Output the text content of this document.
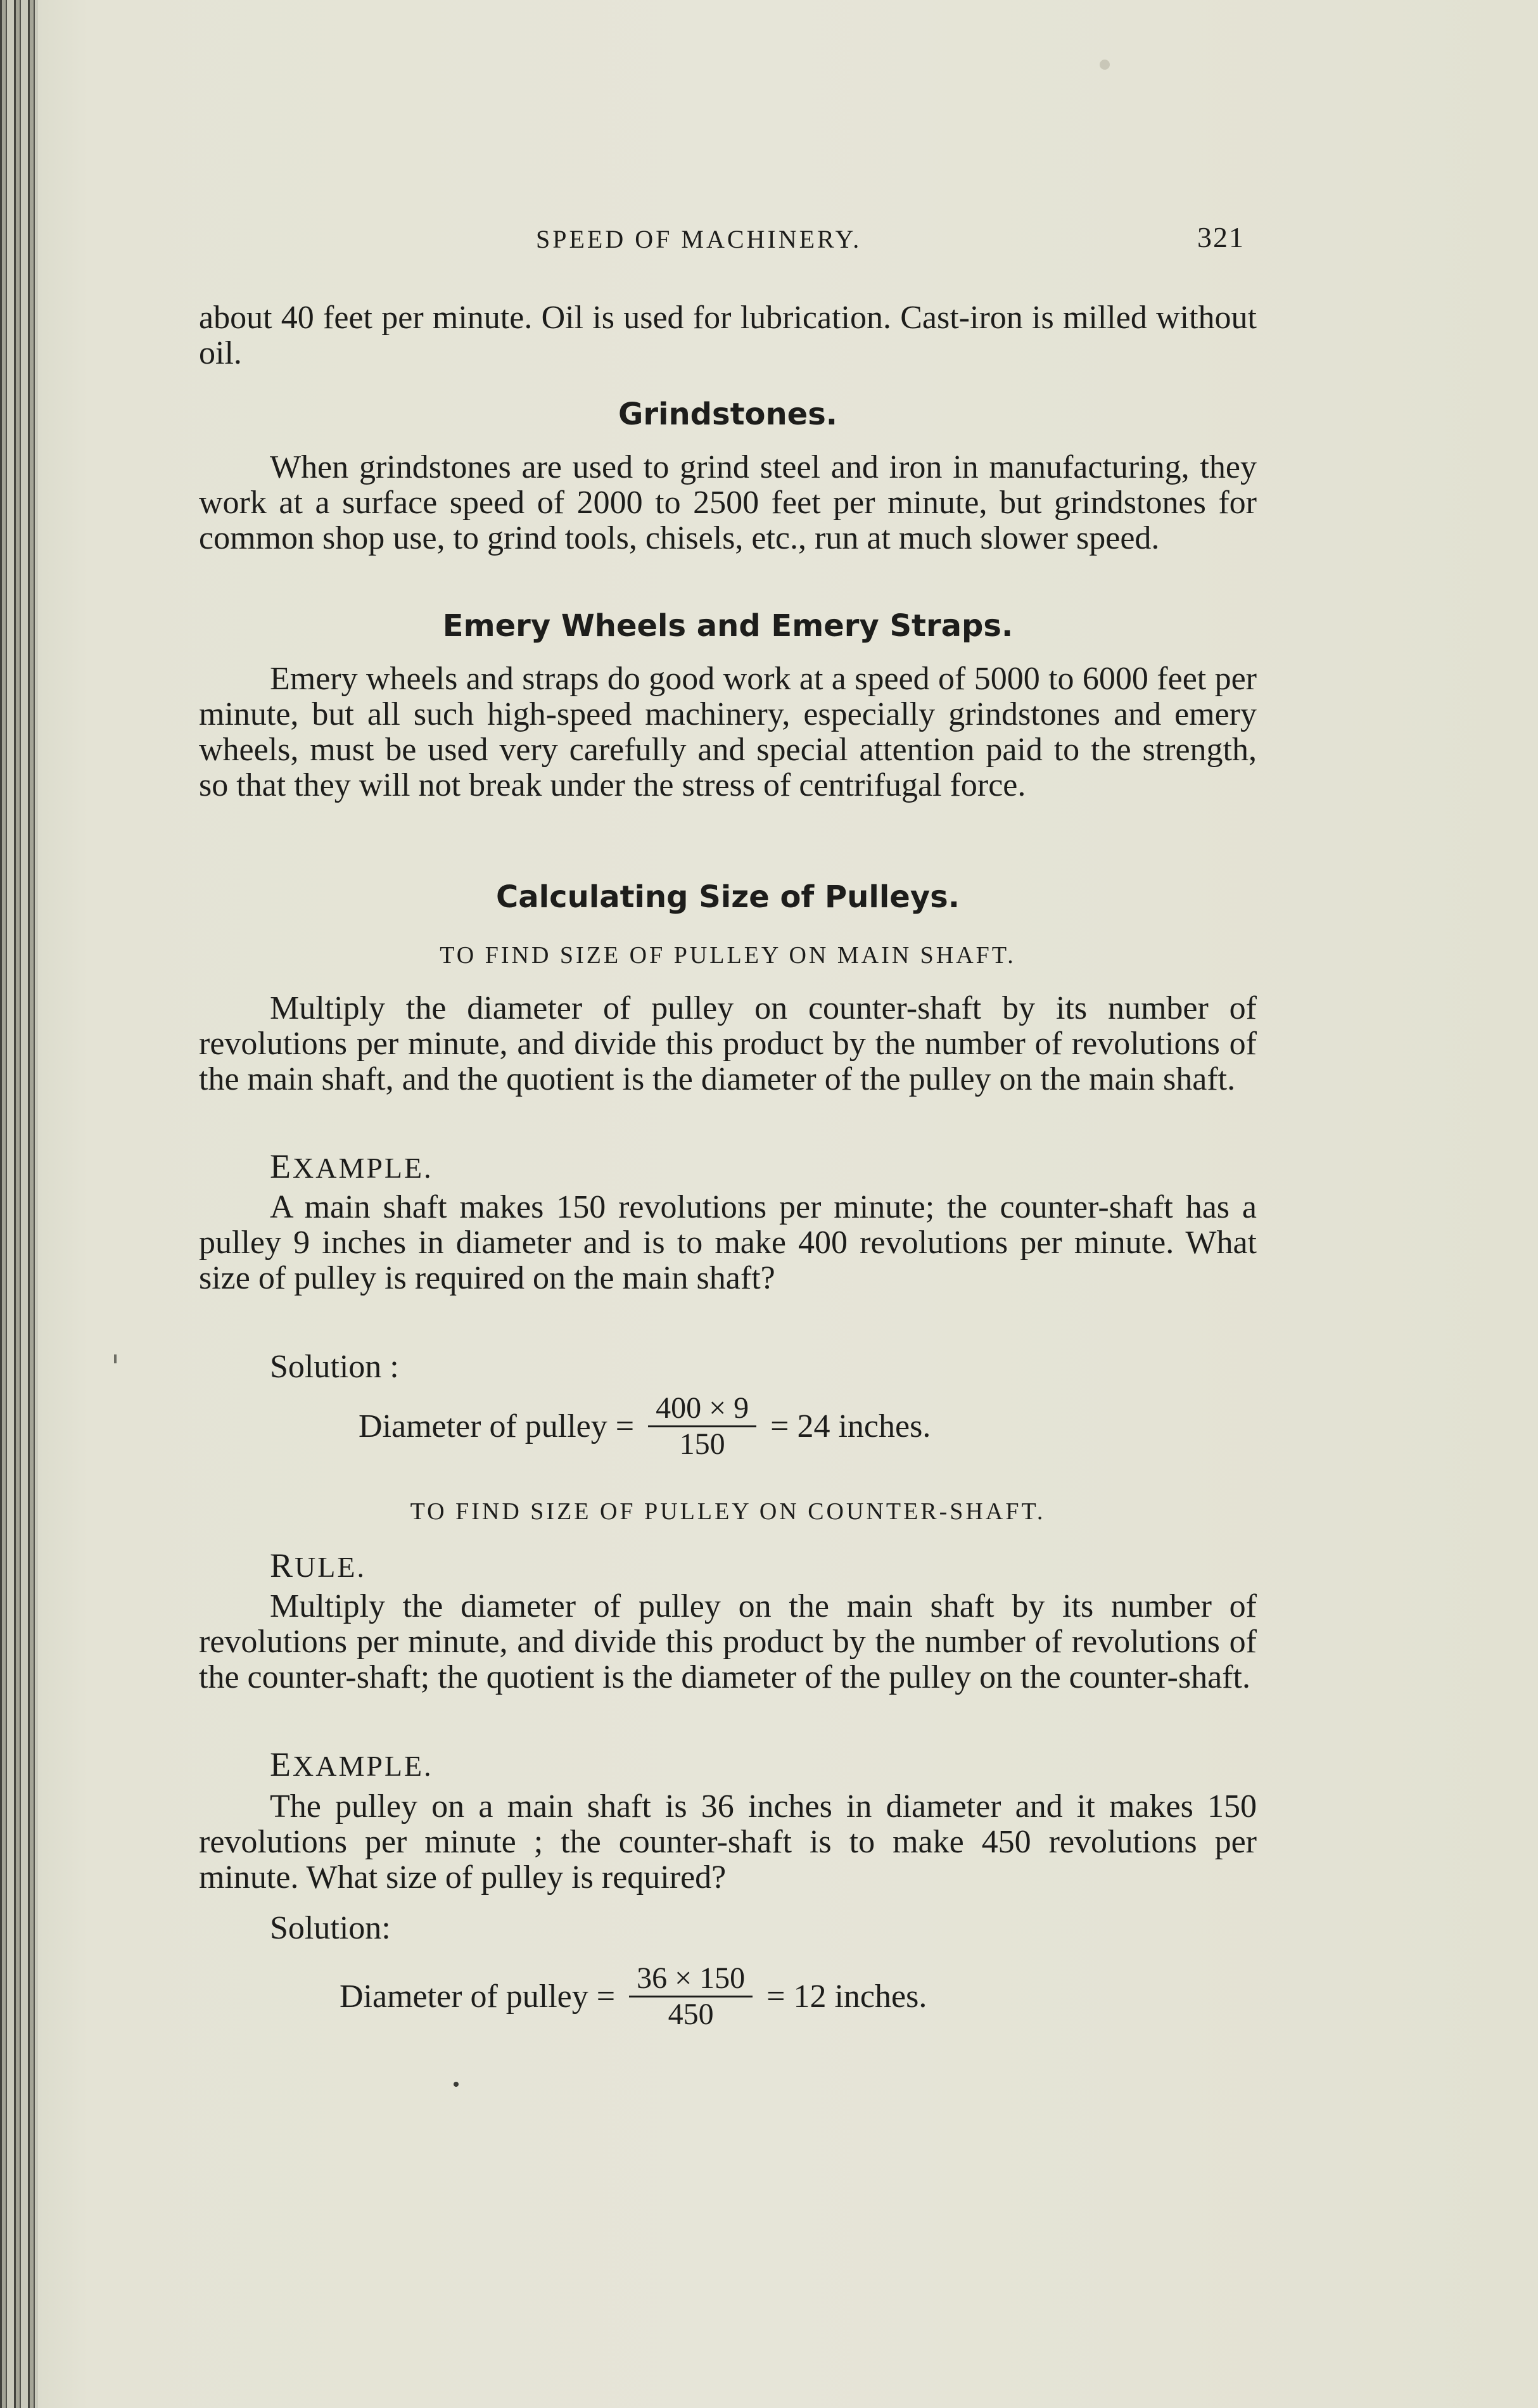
SPEED OF MACHINERY.	321

about 40 feet per minute. Oil is used for lubrication. Cast-iron is milled without oil.

Grindstones.

When grindstones are used to grind steel and iron in manufacturing, they work at a surface speed of 2000 to 2500 feet per minute, but grindstones for common shop use, to grind tools, chisels, etc., run at much slower speed.

Emery Wheels and Emery Straps.

Emery wheels and straps do good work at a speed of 5000 to 6000 feet per minute, but all such high-speed machinery, especially grindstones and emery wheels, must be used very carefully and special attention paid to the strength, so that they will not break under the stress of centrifugal force.

Calculating Size of Pulleys.
TO FIND SIZE OF PULLEY ON MAIN SHAFT.

Multiply the diameter of pulley on counter-shaft by its number of revolutions per minute, and divide this product by the number of revolutions of the main shaft, and the quotient is the diameter of the pulley on the main shaft.

EXAMPLE.

A main shaft makes 150 revolutions per minute; the counter-shaft has a pulley 9 inches in diameter and is to make 400 revolutions per minute. What size of pulley is required on the main shaft?

Solution :
Diameter of pulley = $\frac{400 \times 9}{150} = 24$ inches.
TO FIND SIZE OF PULLEY ON COUNTER-SHAFT.
RULE.

Multiply the diameter of pulley on the main shaft by its number of revolutions per minute, and divide this product by the number of revolutions of the counter-shaft; the quotient is the diameter of the pulley on the counter-shaft.

EXAMPLE.

The pulley on a main shaft is 36 inches in diameter and it makes 150 revolutions per minute ; the counter-shaft is to make 450 revolutions per minute. What size of pulley is required?

Solution:
Diameter of pulley = $\frac{36 \times 150}{450} = 12$ inches.
